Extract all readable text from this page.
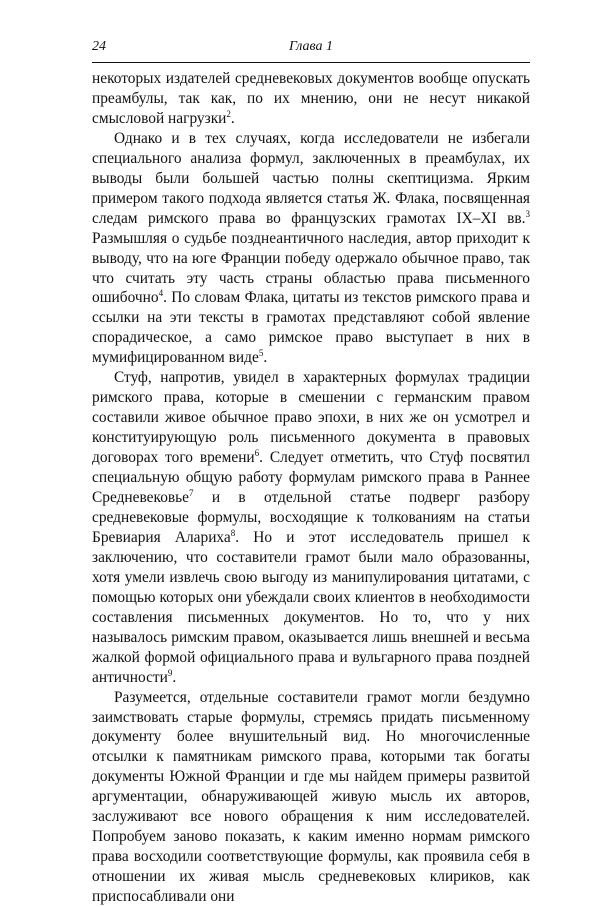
24	Глава 1

некоторых издателей средневековых документов вообще опускать преамбулы, так как, по их мнению, они не несут никакой смысловой нагрузки$^2$.

Однако и в тех случаях, когда исследователи не избегали специального анализа формул, заключенных в преамбулах, их выводы были большей частью полны скептицизма. Ярким примером такого подхода является статья Ж. Флака, посвященная следам римского права во французских грамотах IX–XI вв.$^3$ Размышляя о судьбе позднеантичного наследия, автор приходит к выводу, что на юге Франции победу одержало обычное право, так что считать эту часть страны областью права письменного ошибочно$^4$. По словам Флака, цитаты из текстов римского права и ссылки на эти тексты в грамотах представляют собой явление спорадическое, а само римское право выступает в них в мумифицированном виде$^5$.

Стуф, напротив, увидел в характерных формулах традиции римского права, которые в смешении с германским правом составили живое обычное право эпохи, в них же он усмотрел и конституирующую роль письменного документа в правовых договорах того времени$^6$. Следует отметить, что Стуф посвятил специальную общую работу формулам римского права в Раннее Средневековье$^7$ и в отдельной статье подверг разбору средневековые формулы, восходящие к толкованиям на статьи Бревиария Алариха$^8$. Но и этот исследователь пришел к заключению, что составители грамот были мало образованны, хотя умели извлечь свою выгоду из манипулирования цитатами, с помощью которых они убеждали своих клиентов в необходимости составления письменных документов. Но то, что у них называлось римским правом, оказывается лишь внешней и весьма жалкой формой официального права и вульгарного права поздней античности$^9$.

Разумеется, отдельные составители грамот могли бездумно заимствовать старые формулы, стремясь придать письменному документу более внушительный вид. Но многочисленные отсылки к памятникам римского права, которыми так богаты документы Южной Франции и где мы найдем примеры развитой аргументации, обнаруживающей живую мысль их авторов, заслуживают все нового обращения к ним исследователей. Попробуем заново показать, к каким именно нормам римского права восходили соответствующие формулы, как проявила себя в отношении их живая мысль средневековых клириков, как приспосабливали они
